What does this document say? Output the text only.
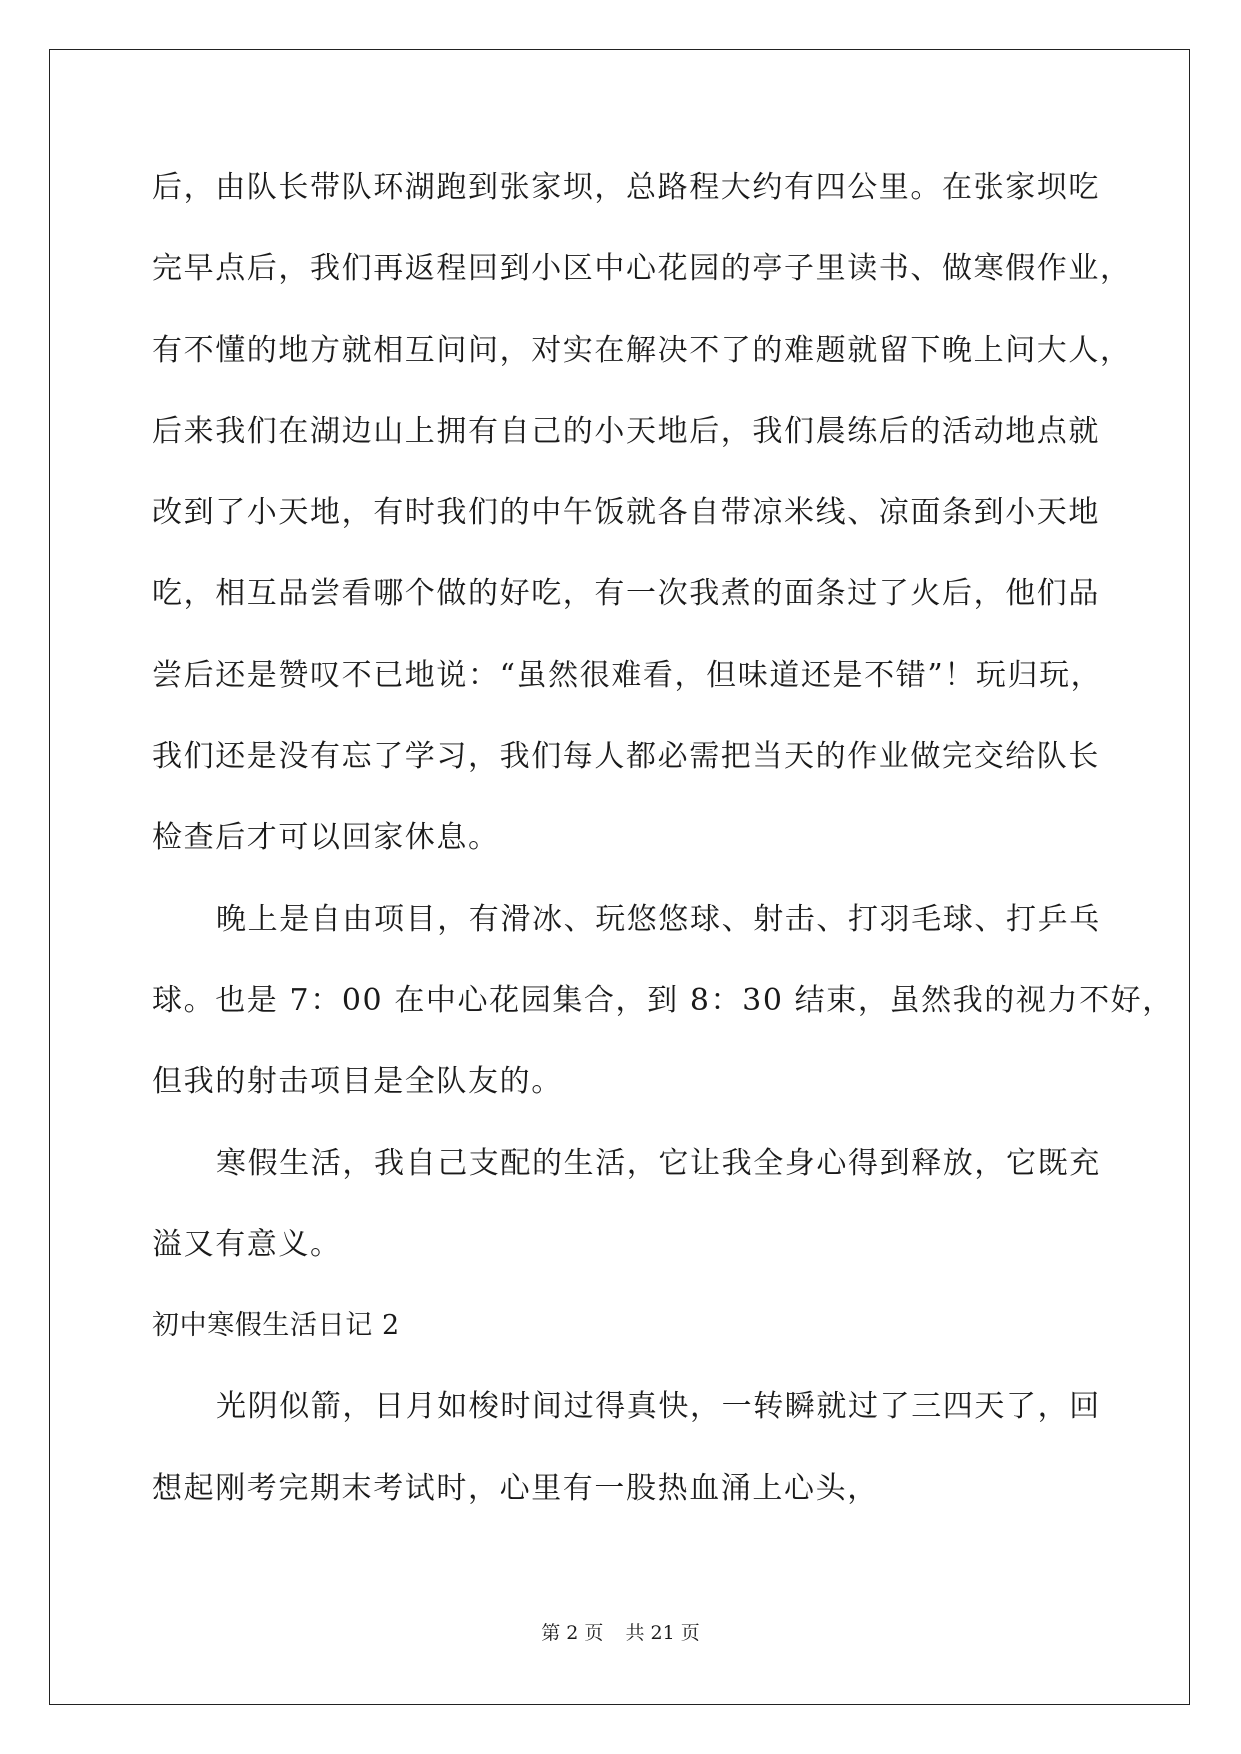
后，由队长带队环湖跑到张家坝，总路程大约有四公里。在张家坝吃
完早点后，我们再返程回到小区中心花园的亭子里读书、做寒假作业，
有不懂的地方就相互问问，对实在解决不了的难题就留下晚上问大人，
后来我们在湖边山上拥有自己的小天地后，我们晨练后的活动地点就
改到了小天地，有时我们的中午饭就各自带凉米线、凉面条到小天地
吃，相互品尝看哪个做的好吃，有一次我煮的面条过了火后，他们品
尝后还是赞叹不已地说：“虽然很难看，但味道还是不错”！玩归玩，
我们还是没有忘了学习，我们每人都必需把当天的作业做完交给队长
检查后才可以回家休息。
晚上是自由项目，有滑冰、玩悠悠球、射击、打羽毛球、打乒乓
球。也是 7：00 在中心花园集合，到 8：30 结束，虽然我的视力不好，
但我的射击项目是全队友的。
寒假生活，我自己支配的生活，它让我全身心得到释放，它既充
溢又有意义。
初中寒假生活日记 2
光阴似箭，日月如梭时间过得真快，一转瞬就过了三四天了，回
想起刚考完期末考试时，心里有一股热血涌上心头，
第 2 页 共 21 页
